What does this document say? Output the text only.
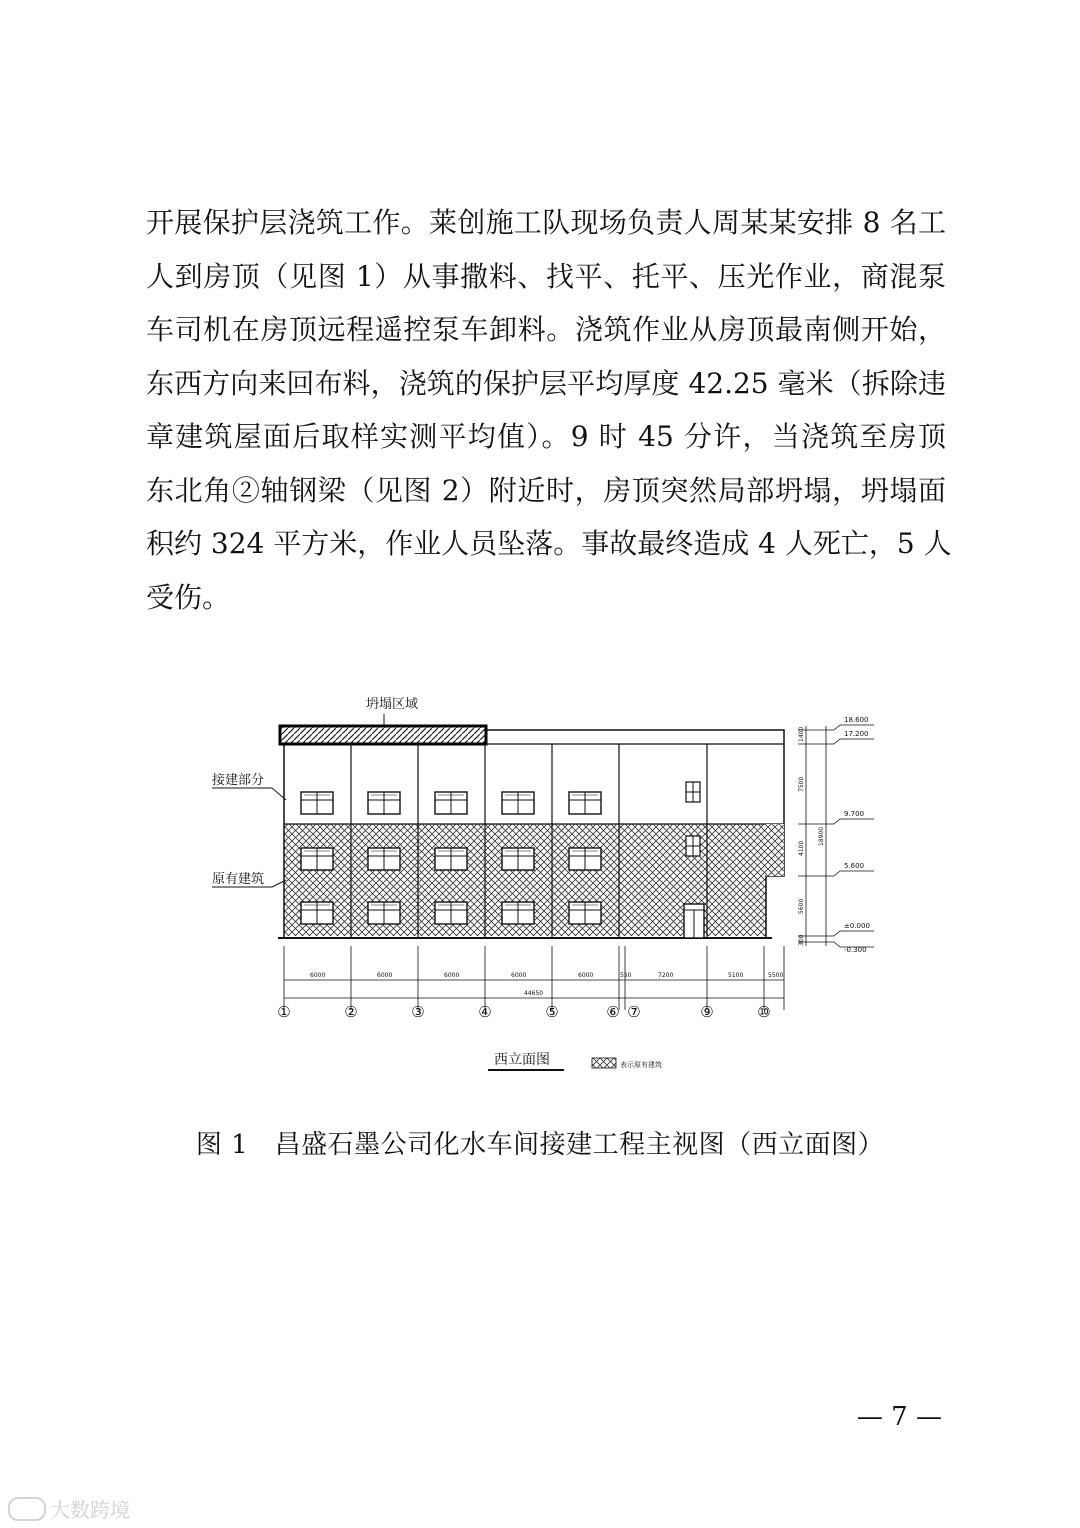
开展保护层浇筑工作。莱创施工队现场负责人周某某安排 8 名工
人到房顶（见图 1）从事撒料、找平、托平、压光作业，商混泵
车司机在房顶远程遥控泵车卸料。浇筑作业从房顶最南侧开始，
东西方向来回布料，浇筑的保护层平均厚度 42.25 毫米（拆除违
章建筑屋面后取样实测平均值）。9 时 45 分许，当浇筑至房顶
东北角②轴钢梁（见图 2）附近时，房顶突然局部坍塌，坍塌面
积约 324 平方米，作业人员坠落。事故最终造成 4 人死亡，5 人
受伤。
坍塌区域
接建部分
原有建筑
18.600
17.200
9.700
5.600
±0.000
-0.300
1400
7500
4100
5600
300
18900
6000	6000	6000	6000	6000	550	7200	5100	5500
44650
①	②	③	④	⑤	⑥ ⑦	⑨	⑩
西立面图	表示原有建筑
图 1　昌盛石墨公司化水车间接建工程主视图（西立面图）
— 7 —
大数跨境
